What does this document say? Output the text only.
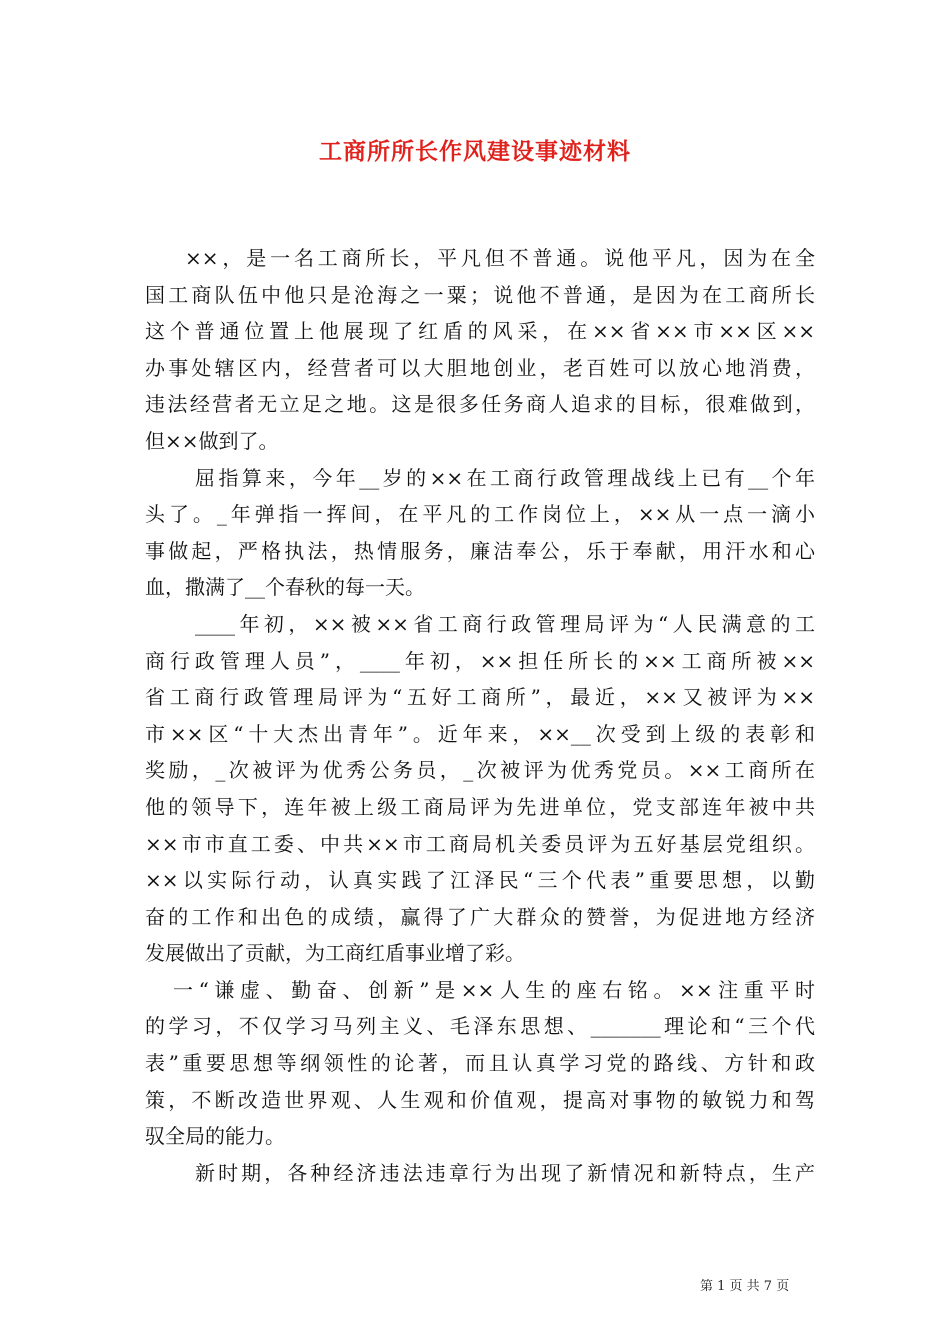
工商所所长作风建设事迹材料
××，是一名工商所长，平凡但不普通。说他平凡，因为在全
国工商队伍中他只是沧海之一粟；说他不普通，是因为在工商所长
这个普通位置上他展现了红盾的风采，在××省××市××区××
办事处辖区内，经营者可以大胆地创业，老百姓可以放心地消费，
违法经营者无立足之地。这是很多任务商人追求的目标，很难做到，
但××做到了。
屈指算来，今年__岁的××在工商行政管理战线上已有__个年
头了。_年弹指一挥间，在平凡的工作岗位上，××从一点一滴小
事做起，严格执法，热情服务，廉洁奉公，乐于奉献，用汗水和心
血，撒满了__个春秋的每一天。
____年初，××被××省工商行政管理局评为“人民满意的工
商行政管理人员”，____年初，××担任所长的××工商所被××
省工商行政管理局评为“五好工商所”，最近，××又被评为××
市××区“十大杰出青年”。近年来，××__次受到上级的表彰和
奖励，_次被评为优秀公务员，_次被评为优秀党员。××工商所在
他的领导下，连年被上级工商局评为先进单位，党支部连年被中共
××市市直工委、中共××市工商局机关委员评为五好基层党组织。
××以实际行动，认真实践了江泽民“三个代表”重要思想，以勤
奋的工作和出色的成绩，赢得了广大群众的赞誉，为促进地方经济
发展做出了贡献，为工商红盾事业增了彩。
一“谦虚、勤奋、创新”是××人生的座右铭。××注重平时
的学习，不仅学习马列主义、毛泽东思想、_______理论和“三个代
表”重要思想等纲领性的论著，而且认真学习党的路线、方针和政
策，不断改造世界观、人生观和价值观，提高对事物的敏锐力和驾
驭全局的能力。
新时期，各种经济违法违章行为出现了新情况和新特点，生产
第 1 页 共 7 页
